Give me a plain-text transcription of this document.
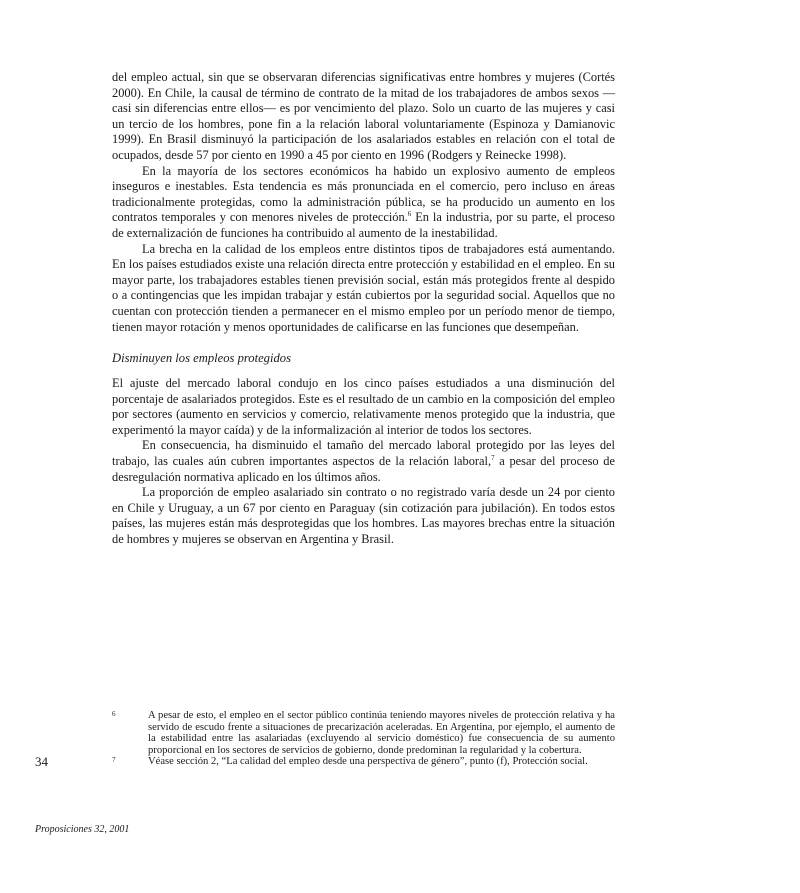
del empleo actual, sin que se observaran diferencias significativas entre hombres y mujeres (Cortés 2000). En Chile, la causal de término de contrato de la mitad de los trabajadores de ambos sexos —casi sin diferencias entre ellos— es por vencimiento del plazo. Solo un cuarto de las mujeres y casi un tercio de los hombres, pone fin a la relación laboral voluntariamente (Espinoza y Damianovic 1999). En Brasil disminuyó la participación de los asalariados estables en relación con el total de ocupados, desde 57 por ciento en 1990 a 45 por ciento en 1996 (Rodgers y Reinecke 1998).

En la mayoría de los sectores económicos ha habido un explosivo aumento de empleos inseguros e inestables. Esta tendencia es más pronunciada en el comercio, pero incluso en áreas tradicionalmente protegidas, como la administración pública, se ha producido un aumento en los contratos temporales y con menores niveles de protección.$^6$ En la industria, por su parte, el proceso de externalización de funciones ha contribuido al aumento de la inestabilidad.

La brecha en la calidad de los empleos entre distintos tipos de trabajadores está aumentando. En los países estudiados existe una relación directa entre protección y estabilidad en el empleo. En su mayor parte, los trabajadores estables tienen previsión social, están más protegidos frente al despido o a contingencias que les impidan trabajar y están cubiertos por la seguridad social. Aquellos que no cuentan con protección tienden a permanecer en el mismo empleo por un período menor de tiempo, tienen mayor rotación y menos oportunidades de calificarse en las funciones que desempeñan.

Disminuyen los empleos protegidos

El ajuste del mercado laboral condujo en los cinco países estudiados a una disminución del porcentaje de asalariados protegidos. Este es el resultado de un cambio en la composición del empleo por sectores (aumento en servicios y comercio, relativamente menos protegido que la industria, que experimentó la mayor caída) y de la informalización al interior de todos los sectores.

En consecuencia, ha disminuido el tamaño del mercado laboral protegido por las leyes del trabajo, las cuales aún cubren importantes aspectos de la relación laboral,$^7$ a pesar del proceso de desregulación normativa aplicado en los últimos años.

La proporción de empleo asalariado sin contrato o no registrado varía desde un 24 por ciento en Chile y Uruguay, a un 67 por ciento en Paraguay (sin cotización para jubilación). En todos estos países, las mujeres están más desprotegidas que los hombres. Las mayores brechas entre la situación de hombres y mujeres se observan en Argentina y Brasil.

6	A pesar de esto, el empleo en el sector público continúa teniendo mayores niveles de protección relativa y ha servido de escudo frente a situaciones de precarización aceleradas. En Argentina, por ejemplo, el aumento de la estabilidad entre las asalariadas (excluyendo al servicio doméstico) fue consecuencia de su aumento proporcional en los sectores de servicios de gobierno, donde predominan la regularidad y la cobertura.

7	Véase sección 2, “La calidad del empleo desde una perspectiva de género”, punto (f), Protección social.

34
Proposiciones 32, 2001
